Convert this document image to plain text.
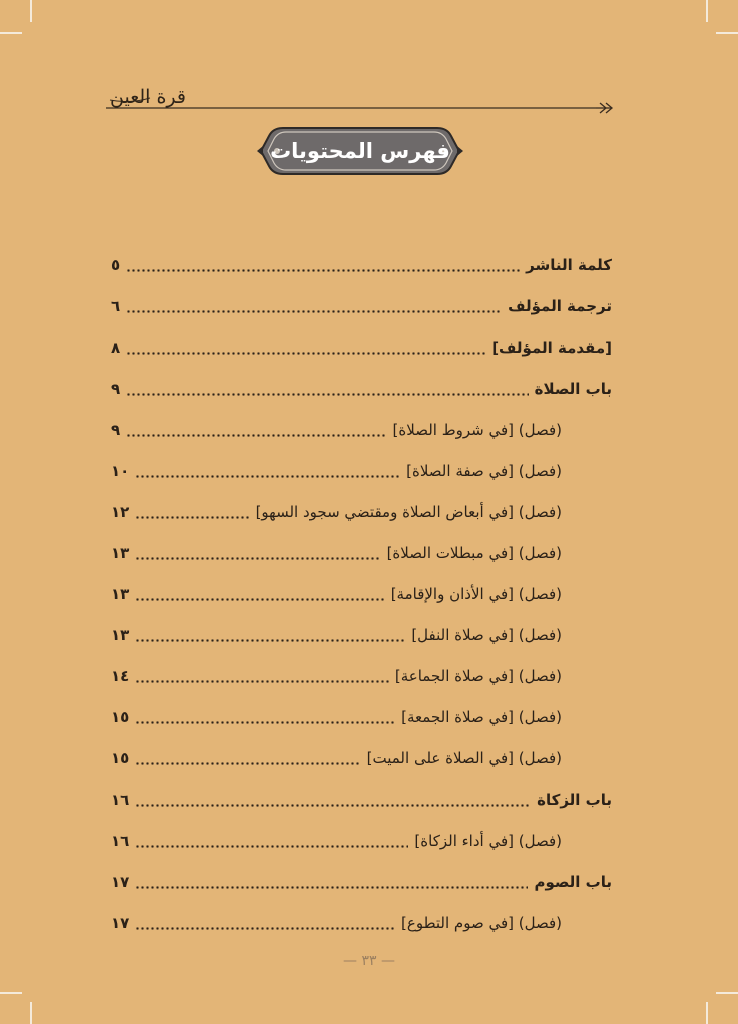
قرة العين
فهرس المحتويات
كلمة الناشر
٥
ترجمة المؤلف
٦
[مقدمة المؤلف]
٨
باب الصلاة
٩
(فصل) [في شروط الصلاة]
٩
(فصل) [في صفة الصلاة]
١٠
(فصل) [في أبعاض الصلاة ومقتضي سجود السهو]
١٢
(فصل) [في مبطلات الصلاة]
١٣
(فصل) [في الأذان والإقامة]
١٣
(فصل) [في صلاة النفل]
١٣
(فصل) [في صلاة الجماعة]
١٤
(فصل) [في صلاة الجمعة]
١٥
(فصل) [في الصلاة على الميت]
١٥
باب الزكاة
١٦
(فصل) [في أداء الزكاة]
١٦
باب الصوم
١٧
(فصل) [في صوم التطوع]
١٧
— ٣٣ —
